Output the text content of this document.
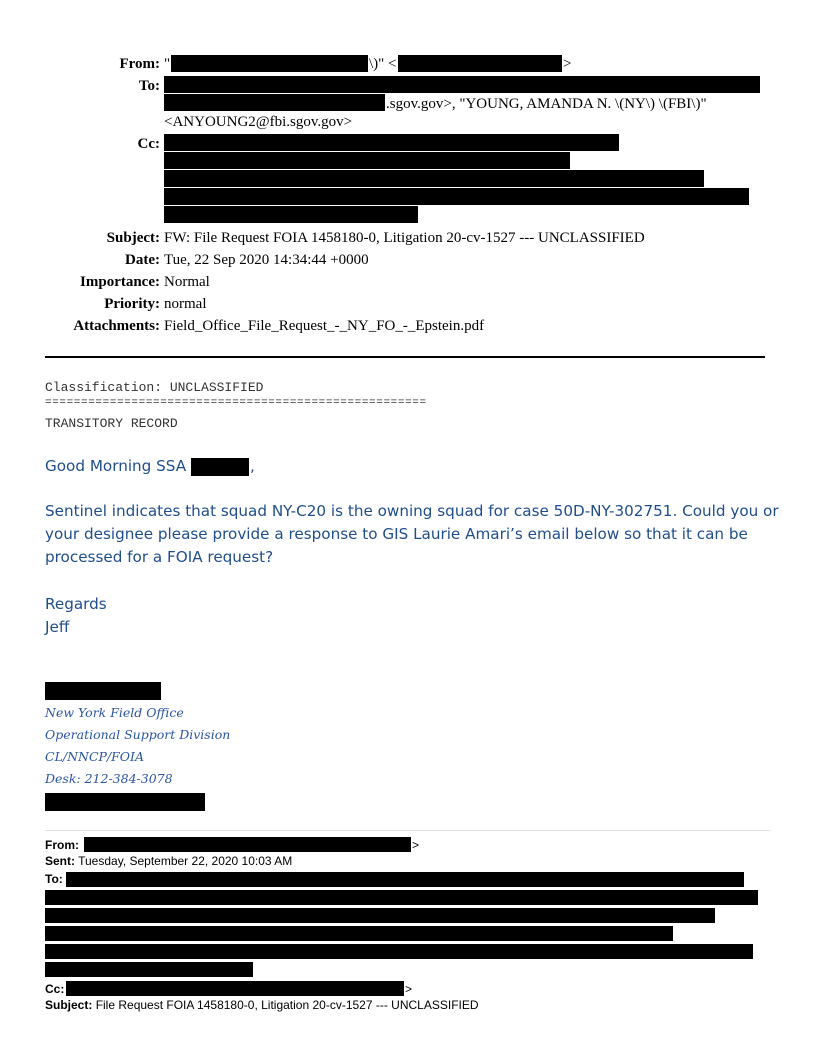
From: "	\)" <	>
To:
.sgov.gov>, "YOUNG, AMANDA N. \(NY\) \(FBI\)"
<ANYOUNG2@fbi.sgov.gov>
Cc:
Subject: FW: File Request FOIA 1458180-0, Litigation 20-cv-1527 --- UNCLASSIFIED
Date: Tue, 22 Sep 2020 14:34:44 +0000
Importance: Normal
Priority: normal
Attachments: Field_Office_File_Request_-_NY_FO_-_Epstein.pdf
Classification: UNCLASSIFIED
=====================================================
TRANSITORY RECORD
Good Morning SSA	,
Sentinel indicates that squad NY-C20 is the owning squad for case 50D-NY-302751. Could you or your designee please provide a response to GIS Laurie Amari’s email below so that it can be processed for a FOIA request?
Regards
Jeff
New York Field Office
Operational Support Division
CL/NNCP/FOIA
Desk: 212-384-3078
From:	>
Sent: Tuesday, September 22, 2020 10:03 AM
To:
Cc:	>
Subject: File Request FOIA 1458180-0, Litigation 20-cv-1527 --- UNCLASSIFIED
